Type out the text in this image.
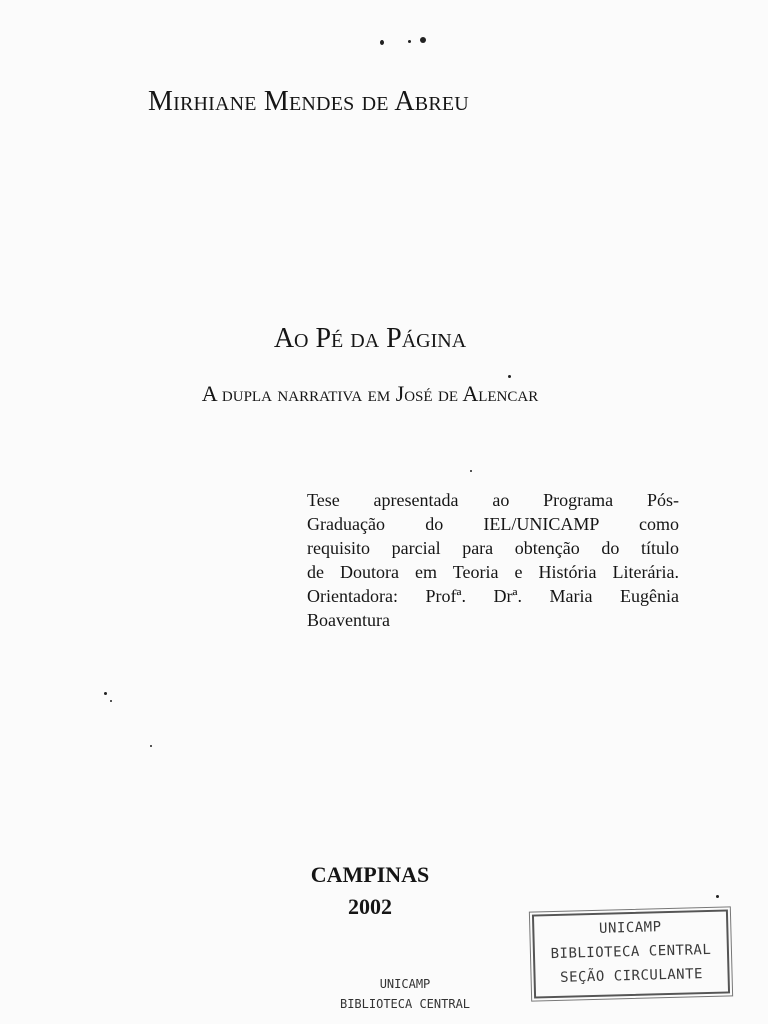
Mirhiane Mendes de Abreu
Ao Pé da Página
A dupla narrativa em José de Alencar
Tese apresentada ao Programa Pós-
Graduação do IEL/UNICAMP como
requisito parcial para obtenção do título
de Doutora em Teoria e História Literária.
Orientadora: Profª. Drª. Maria Eugênia
Boaventura
CAMPINAS
2002
UNICAMP
BIBLIOTECA CENTRAL
UNICAMP
BIBLIOTECA CENTRAL
SEÇÃO CIRCULANTE
